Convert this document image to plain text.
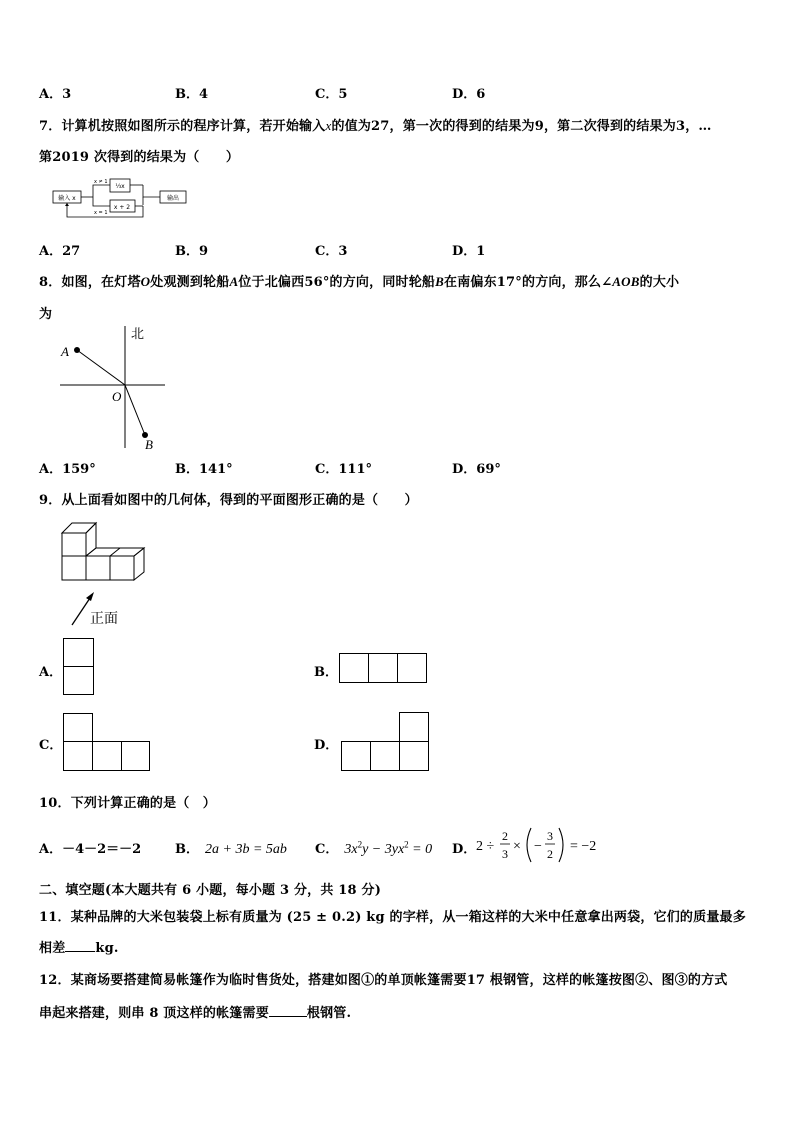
A．3	B．4	C．5	D．6
7．计算机按照如图所示的程序计算，若开始输入x的值为27，第一次的得到的结果为9，第二次得到的结果为3，…
第2019 次得到的结果为（　　）
输入 x
x ≠ 1
⅓x
输出
x + 2
x = 1
A．27	B．9	C．3	D．1
8．如图，在灯塔O处观测到轮船A位于北偏西56°的方向，同时轮船B在南偏东17°的方向，那么∠AOB的大小
为
北
A
O
B
A．159°	B．141°	C．111°	D．69°
9．从上面看如图中的几何体，得到的平面图形正确的是（　　）
正面
A．	B．
C．	D．
10．下列计算正确的是（　）
A．－4－2＝－2	B． 2a + 3b = 5ab C． $3x^2y - 3yx^2 = 0$ D． 2 ÷
2
3 × −
3
2 = −2
二、填空题(本大题共有 6 小题，每小题 3 分，共 18 分)
11．某种品牌的大米包装袋上标有质量为 (25 ± 0.2) kg 的字样，从一箱这样的大米中任意拿出两袋，它们的质量最多
相差 kg.
12．某商场要搭建简易帐篷作为临时售货处，搭建如图①的单顶帐篷需要17 根钢管，这样的帐篷按图②、图③的方式
串起来搭建，则串 8 顶这样的帐篷需要	根钢管.
